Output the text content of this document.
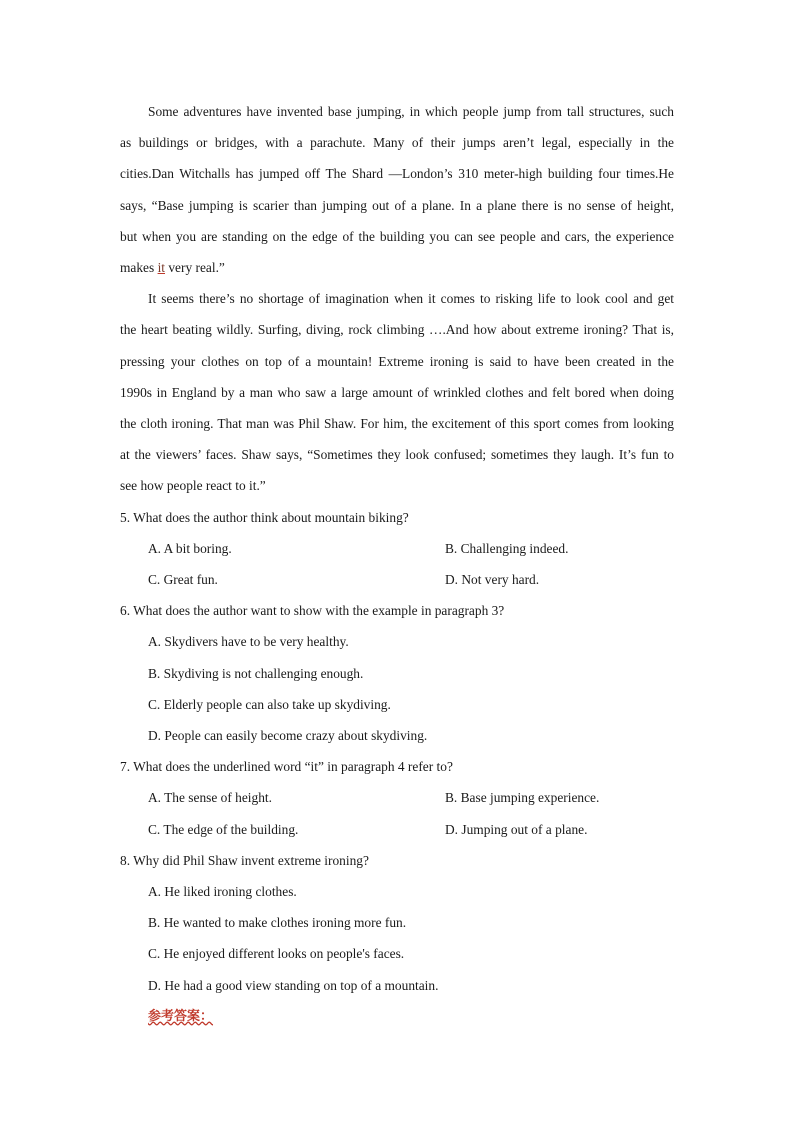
Some adventures have invented base jumping, in which people jump from tall structures, such
as buildings or bridges, with a parachute. Many of their jumps aren’t legal, especially in the
cities.Dan Witchalls has jumped off The Shard —London’s 310 meter-high building four times.He
says, “Base jumping is scarier than jumping out of a plane. In a plane there is no sense of height,
but when you are standing on the edge of the building you can see people and cars, the experience
makes it very real.”

It seems there’s no shortage of imagination when it comes to risking life to look cool and get
the heart beating wildly. Surfing, diving, rock climbing ….And how about extreme ironing? That is,
pressing your clothes on top of a mountain! Extreme ironing is said to have been created in the
1990s in England by a man who saw a large amount of wrinkled clothes and felt bored when doing
the cloth ironing. That man was Phil Shaw. For him, the excitement of this sport comes from looking
at the viewers’ faces. Shaw says, “Sometimes they look confused; sometimes they laugh. It’s fun to
see how people react to it.”

5. What does the author think about mountain biking?

A. A bit boring.	B. Challenging indeed.
C. Great fun.	D. Not very hard.

6. What does the author want to show with the example in paragraph 3?

A. Skydivers have to be very healthy.
B. Skydiving is not challenging enough.
C. Elderly people can also take up skydiving.
D. People can easily become crazy about skydiving.

7. What does the underlined word “it” in paragraph 4 refer to?

A. The sense of height.	B. Base jumping experience.
C. The edge of the building.	D. Jumping out of a plane.

8. Why did Phil Shaw invent extreme ironing?

A. He liked ironing clothes.
B. He wanted to make clothes ironing more fun.
C. He enjoyed different looks on people's faces.
D. He had a good view standing on top of a mountain.
参考答案：
